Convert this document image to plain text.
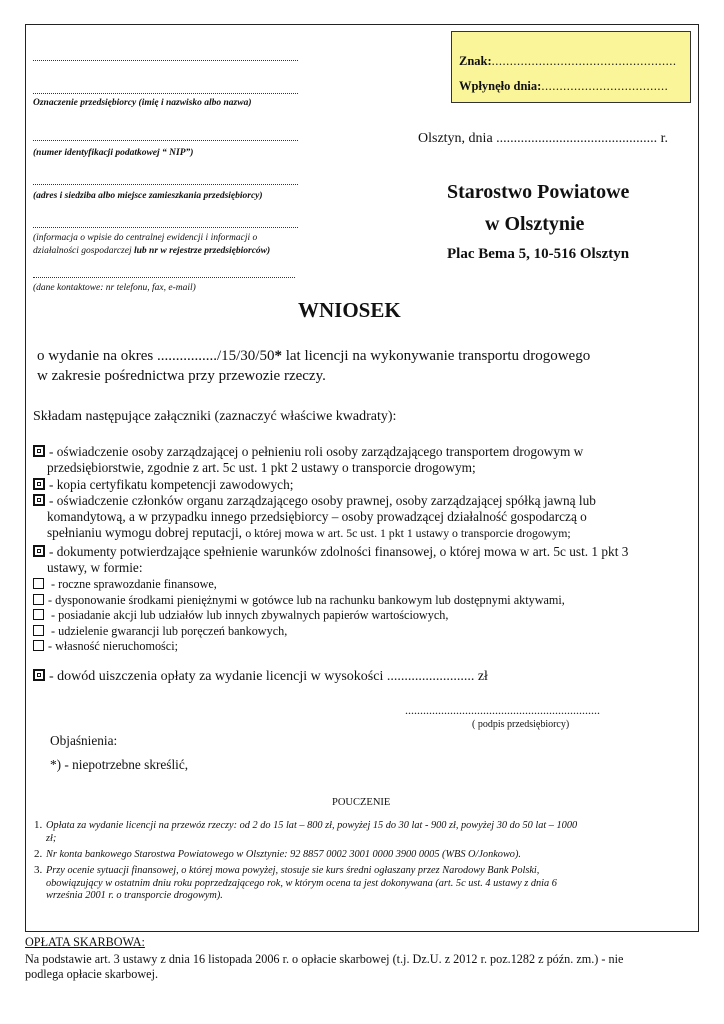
Znak:...................................................
Wpłynęło dnia:...................................
Oznaczenie przedsiębiorcy (imię i nazwisko albo nazwa)
(numer identyfikacji podatkowej “ NIP”)
(adres i siedziba albo miejsce zamieszkania przedsiębiorcy)
(informacja o wpisie do centralnej ewidencji i informacji o
działalności gospodarczej lub nr w rejestrze przedsiębiorców)
(dane kontaktowe: nr telefonu, fax, e-mail)
Olsztyn, dnia .............................................. r.
Starostwo Powiatowe
w Olsztynie
Plac Bema 5, 10-516 Olsztyn
WNIOSEK
o wydanie na okres ................/15/30/50* lat licencji na wykonywanie transportu drogowego
w zakresie pośrednictwa przy przewozie rzeczy.
Składam następujące załączniki (zaznaczyć właściwe kwadraty):
- oświadczenie osoby zarządzającej o pełnieniu roli osoby zarządzającego transportem drogowym w
przedsiębiorstwie, zgodnie z art. 5c ust. 1 pkt 2 ustawy o transporcie drogowym;
- kopia certyfikatu kompetencji zawodowych;
- oświadczenie członków organu zarządzającego osoby prawnej, osoby zarządzającej spółką jawną lub
komandytową, a w przypadku innego przedsiębiorcy – osoby prowadzącej działalność gospodarczą o
spełnianiu wymogu dobrej reputacji, o której mowa w art. 5c ust. 1 pkt 1 ustawy o transporcie drogowym;
- dokumenty potwierdzające spełnienie warunków zdolności finansowej, o której mowa w art. 5c ust. 1 pkt 3
ustawy, w formie:
- roczne sprawozdanie finansowe,
- dysponowanie środkami pieniężnymi w gotówce lub na rachunku bankowym lub dostępnymi aktywami,
- posiadanie akcji lub udziałów lub innych zbywalnych papierów wartościowych,
- udzielenie gwarancji lub poręczeń bankowych,
- własność nieruchomości;
- dowód uiszczenia opłaty za wydanie licencji w wysokości ......................... zł
.................................................................
( podpis przedsiębiorcy)
Objaśnienia:
*) - niepotrzebne skreślić,
POUCZENIE
1. Opłata za wydanie licencji na przewóz rzeczy: od 2 do 15 lat – 800 zł, powyżej 15 do 30 lat - 900 zł, powyżej 30 do 50 lat – 1000
zł;
2. Nr konta bankowego Starostwa Powiatowego w Olsztynie: 92 8857 0002 3001 0000 3900 0005 (WBS O/Jonkowo).
3. Przy ocenie sytuacji finansowej, o której mowa powyżej, stosuje sie kurs średni ogłaszany przez Narodowy Bank Polski,
obowiązujący w ostatnim dniu roku poprzedzającego rok, w którym ocena ta jest dokonywana (art. 5c ust. 4 ustawy z dnia 6
września 2001 r. o transporcie drogowym).
OPŁATA SKARBOWA:
Na podstawie art. 3 ustawy z dnia 16 listopada 2006 r. o opłacie skarbowej (t.j. Dz.U. z 2012 r. poz.1282 z późn. zm.) - nie
podlega opłacie skarbowej.
